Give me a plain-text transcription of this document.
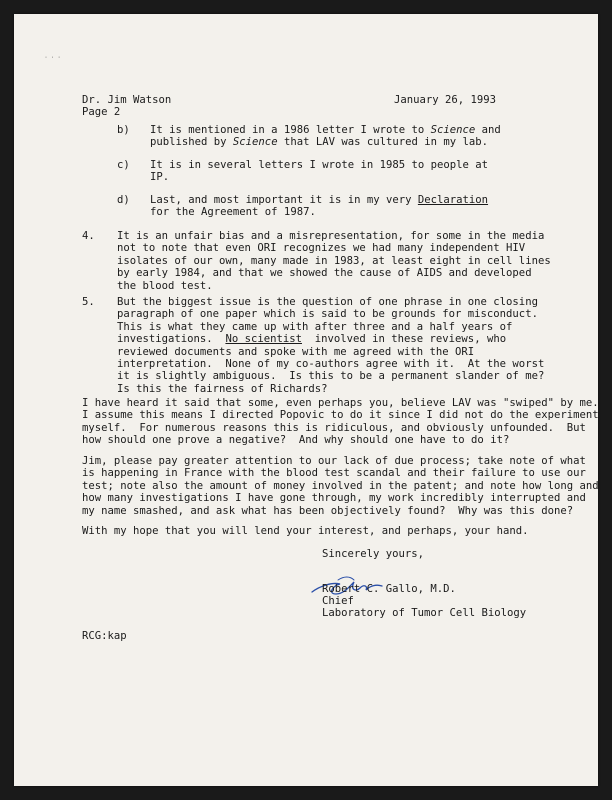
˙ ˙ ˙
Dr. Jim Watson
Page 2
January 26, 1993
b) It is mentioned in a 1986 letter I wrote to Science and
published by Science that LAV was cultured in my lab.
c) It is in several letters I wrote in 1985 to people at
IP.
d) Last, and most important it is in my very Declaration
for the Agreement of 1987.
4. It is an unfair bias and a misrepresentation, for some in the media
not to note that even ORI recognizes we had many independent HIV
isolates of our own, many made in 1983, at least eight in cell lines
by early 1984, and that we showed the cause of AIDS and developed
the blood test.
5. But the biggest issue is the question of one phrase in one closing
paragraph of one paper which is said to be grounds for misconduct.
This is what they came up with after three and a half years of
investigations.  No scientist  involved in these reviews, who
reviewed documents and spoke with me agreed with the ORI
interpretation.  None of my co-authors agree with it.  At the worst
it is slightly ambiguous.  Is this to be a permanent slander of me?
Is this the fairness of Richards?
I have heard it said that some, even perhaps you, believe LAV was "swiped" by me.
I assume this means I directed Popovic to do it since I did not do the experiment
myself.  For numerous reasons this is ridiculous, and obviously unfounded.  But
how should one prove a negative?  And why should one have to do it?
Jim, please pay greater attention to our lack of due process; take note of what
is happening in France with the blood test scandal and their failure to use our
test; note also the amount of money involved in the patent; and note how long and
how many investigations I have gone through, my work incredibly interrupted and
my name smashed, and ask what has been objectively found?  Why was this done?
With my hope that you will lend your interest, and perhaps, your hand.
Sincerely yours,
Robert C. Gallo, M.D.
Chief
Laboratory of Tumor Cell Biology
RCG:kap
